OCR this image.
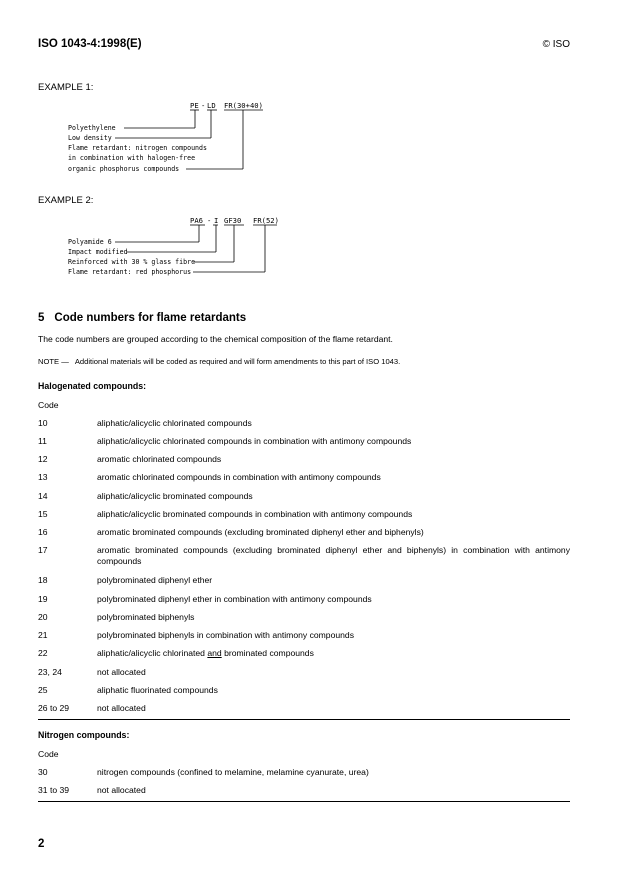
ISO 1043-4:1998(E)	© ISO
EXAMPLE 1:
PE - LD FR(30+40)
Polyethylene
Low density
Flame retardant: nitrogen compounds
in combination with halogen-free
organic phosphorus compounds
EXAMPLE 2:
PA6 - I GF30 FR(52)
Polyamide 6
Impact modified
Reinforced with 30 % glass fibre
Flame retardant: red phosphorus
5 Code numbers for flame retardants
The code numbers are grouped according to the chemical composition of the flame retardant.
NOTE — Additional materials will be coded as required and will form amendments to this part of ISO 1043.
Halogenated compounds:
Code
10	aliphatic/alicyclic chlorinated compounds
11	aliphatic/alicyclic chlorinated compounds in combination with antimony compounds
12	aromatic chlorinated compounds
13	aromatic chlorinated compounds in combination with antimony compounds
14	aliphatic/alicyclic brominated compounds
15	aliphatic/alicyclic brominated compounds in combination with antimony compounds
16	aromatic brominated compounds (excluding brominated diphenyl ether and biphenyls)
17	aromatic brominated compounds (excluding brominated diphenyl ether and biphenyls) in combination with antimony compounds
18	polybrominated diphenyl ether
19	polybrominated diphenyl ether in combination with antimony compounds
20	polybrominated biphenyls
21	polybrominated biphenyls in combination with antimony compounds
22	aliphatic/alicyclic chlorinated and brominated compounds
23, 24	not allocated
25	aliphatic fluorinated compounds
26 to 29	not allocated
Nitrogen compounds:
Code
30	nitrogen compounds (confined to melamine, melamine cyanurate, urea)
31 to 39	not allocated
2
